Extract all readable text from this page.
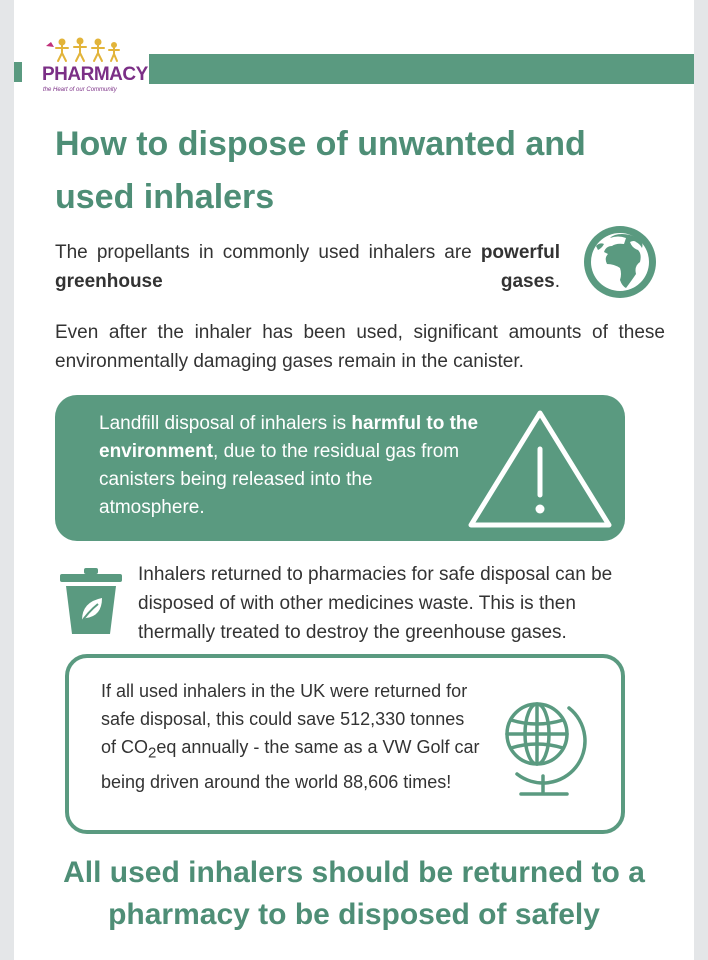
PHARMACY
the Heart of our Community
How to dispose of unwanted and used inhalers

The propellants in commonly used inhalers are powerful greenhouse gases.

Even after the inhaler has been used, significant amounts of these environmentally damaging gases remain in the canister.

Landfill disposal of inhalers is harmful to the environment, due to the residual gas from canisters being released into the atmosphere.

Inhalers returned to pharmacies for safe disposal can be disposed of with other medicines waste. This is then thermally treated to destroy the greenhouse gases.

If all used inhalers in the UK were returned for safe disposal, this could save 512,330 tonnes of $CO_2eq$ annually - the same as a VW Golf car being driven around the world 88,606 times!

All used inhalers should be returned to a pharmacy to be disposed of safely
